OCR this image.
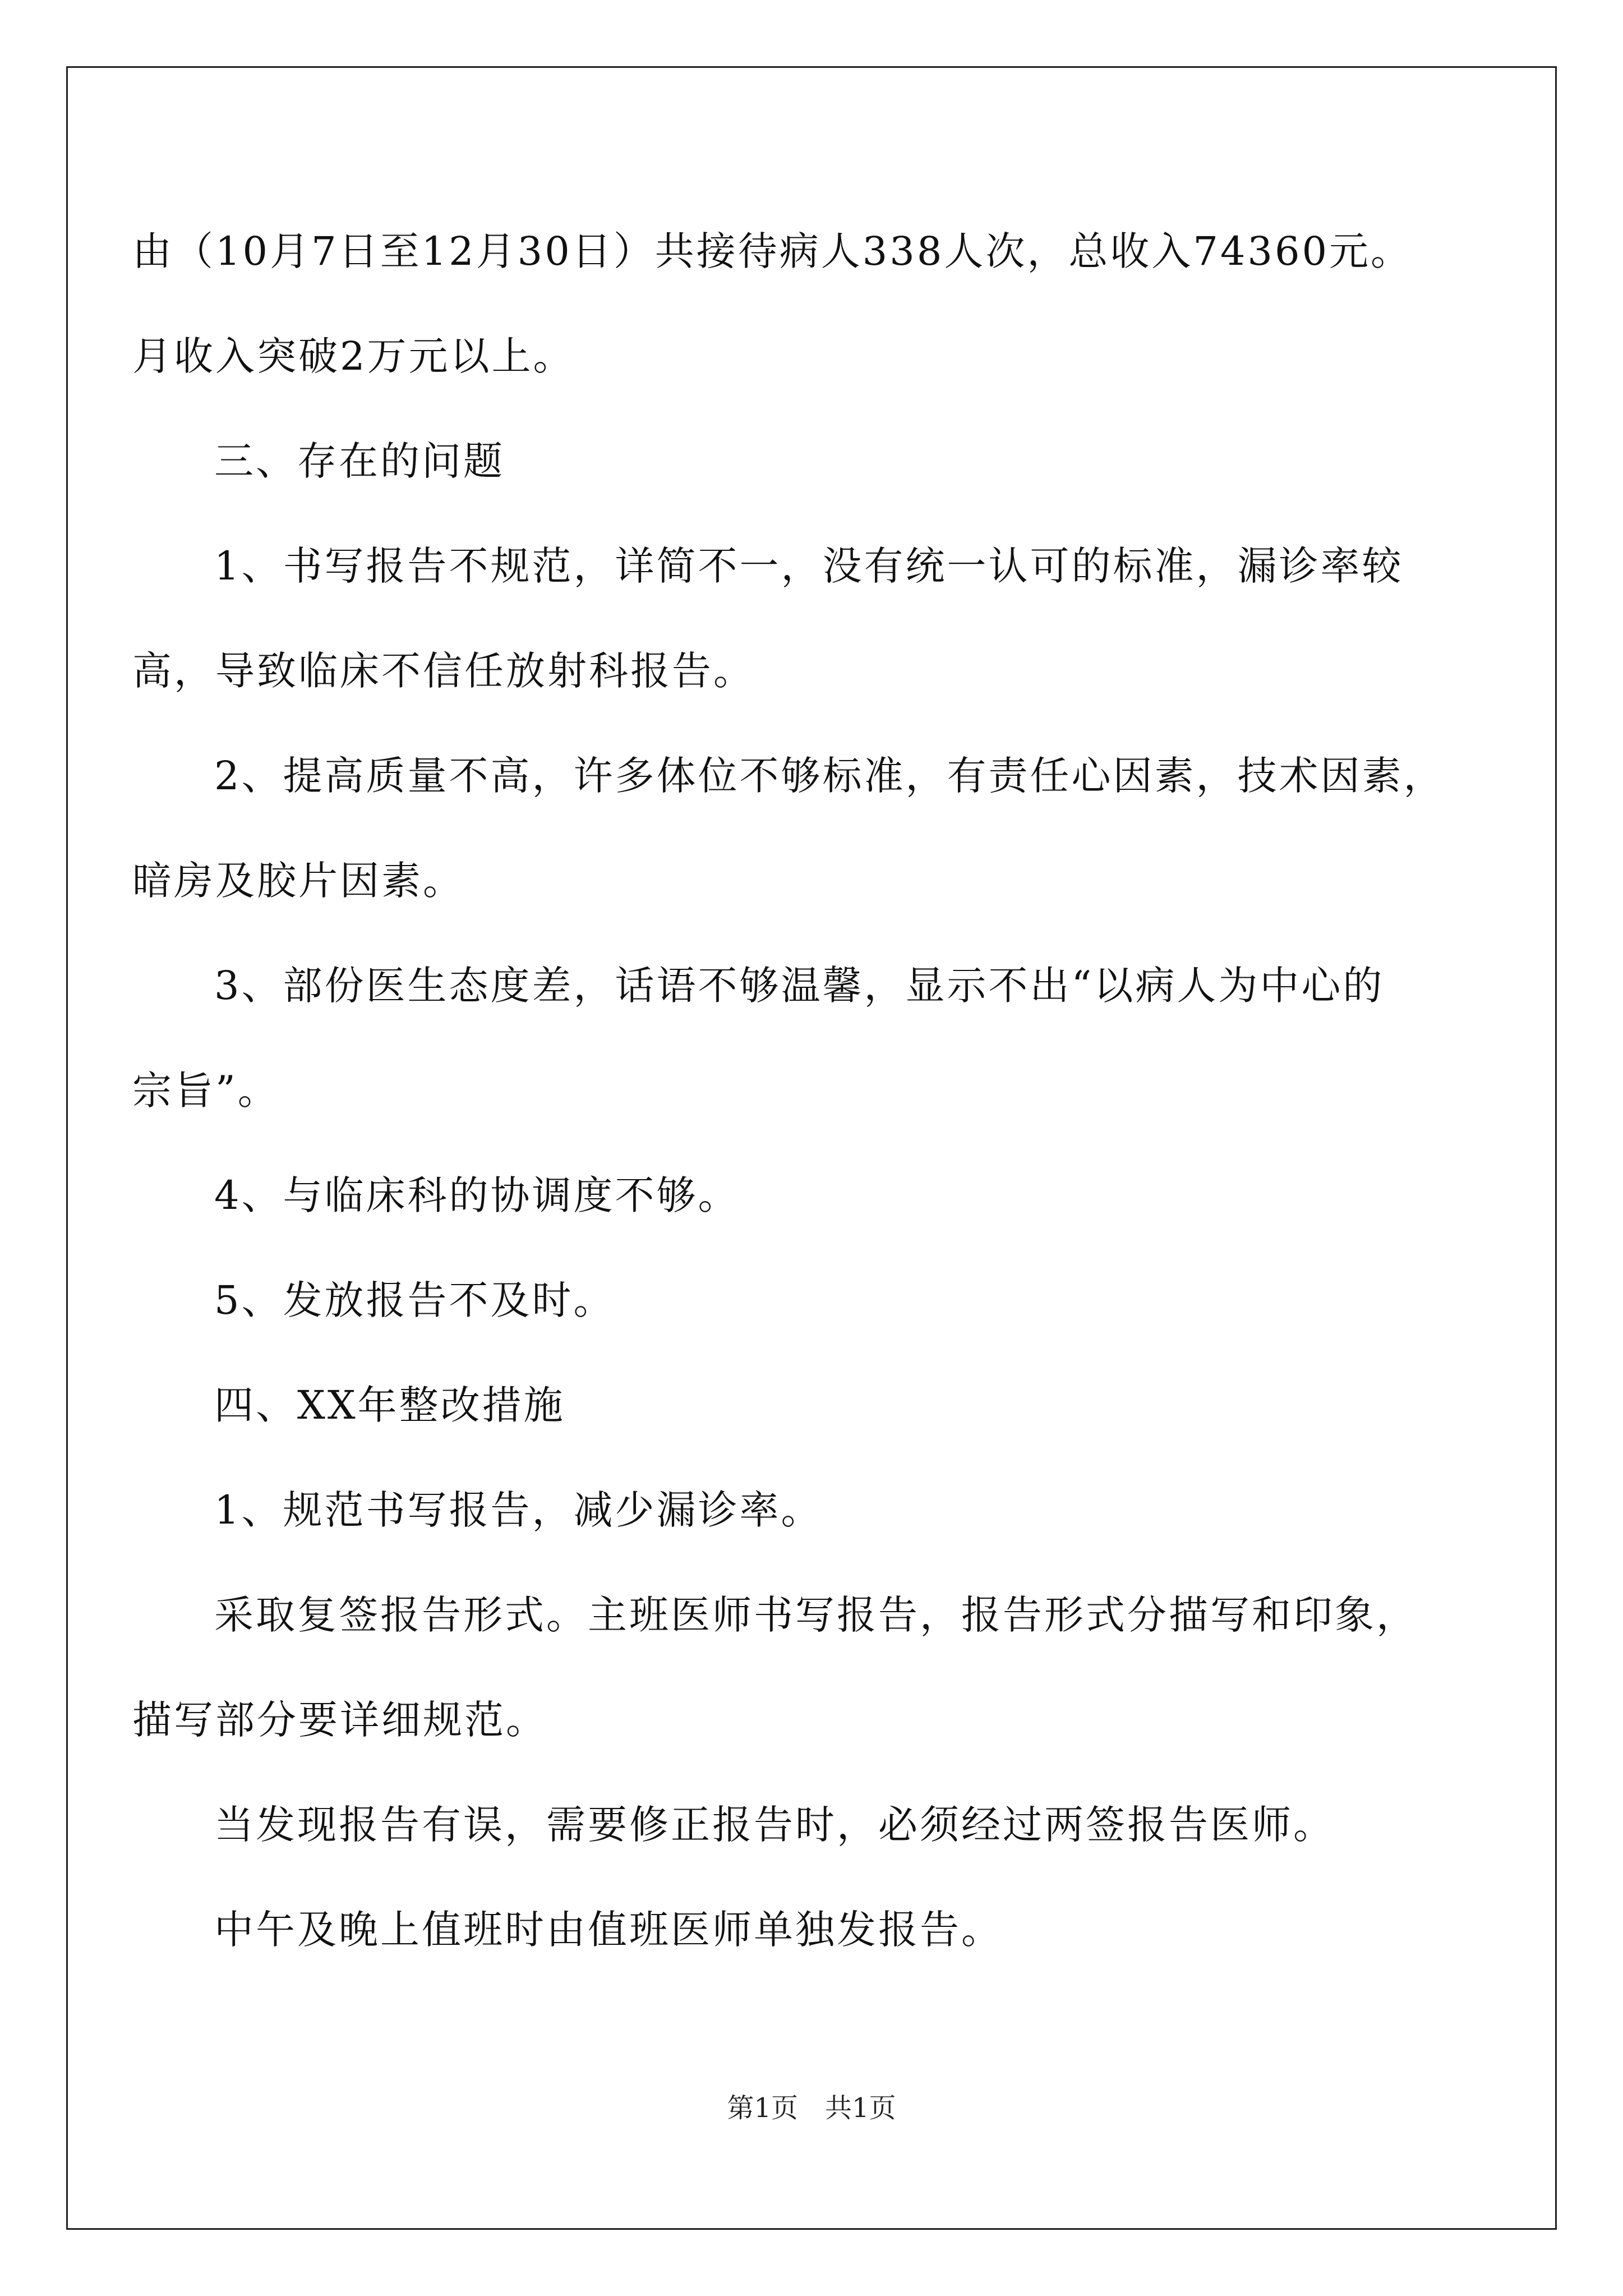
由（10月7日至12月30日）共接待病人338人次，总收入74360元。
月收入突破2万元以上。
三、存在的问题
1、书写报告不规范，详简不一，没有统一认可的标准，漏诊率较
高，导致临床不信任放射科报告。
2、提高质量不高，许多体位不够标准，有责任心因素，技术因素，
暗房及胶片因素。
3、部份医生态度差，话语不够温馨，显示不出“以病人为中心的
宗旨”。
4、与临床科的协调度不够。
5、发放报告不及时。
四、XX年整改措施
1、规范书写报告，减少漏诊率。
采取复签报告形式。主班医师书写报告，报告形式分描写和印象，
描写部分要详细规范。
当发现报告有误，需要修正报告时，必须经过两签报告医师。
中午及晚上值班时由值班医师单独发报告。
第1页　共1页
